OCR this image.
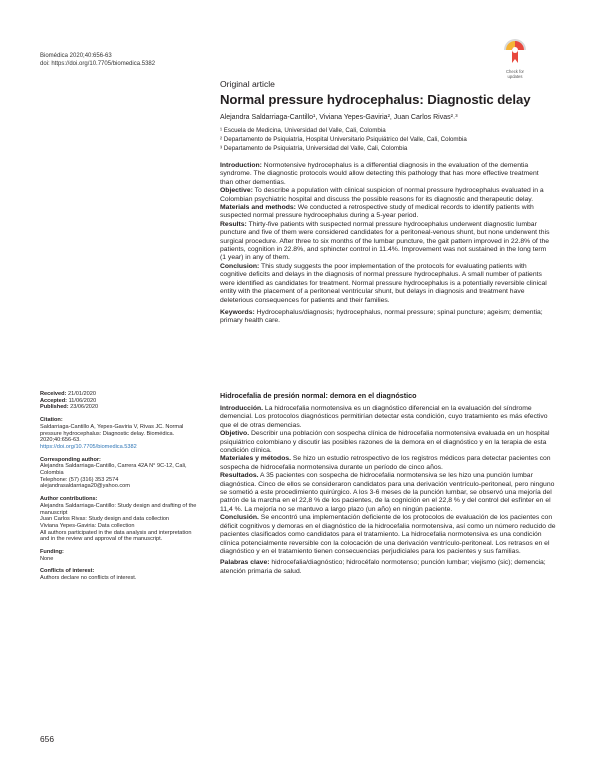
Biomédica 2020;40:656-63
doi: https://doi.org/10.7705/biomedica.5382
Check for
updates
Original article
Normal pressure hydrocephalus: Diagnostic delay
Alejandra Saldarriaga-Cantillo¹, Viviana Yepes-Gaviria², Juan Carlos Rivas²˒³
¹ Escuela de Medicina, Universidad del Valle, Cali, Colombia
² Departamento de Psiquiatría, Hospital Universitario Psiquiátrico del Valle, Cali, Colombia
³ Departamento de Psiquiatría, Universidad del Valle, Cali, Colombia

Introduction: Normotensive hydrocephalus is a differential diagnosis in the evaluation of the dementia syndrome. The diagnostic protocols would allow detecting this pathology that has more effective treatment than other dementias.

Objective: To describe a population with clinical suspicion of normal pressure hydrocephalus evaluated in a Colombian psychiatric hospital and discuss the possible reasons for its diagnostic and therapeutic delay.

Materials and methods: We conducted a retrospective study of medical records to identify patients with suspected normal pressure hydrocephalus during a 5-year period.

Results: Thirty-five patients with suspected normal pressure hydrocephalus underwent diagnostic lumbar puncture and five of them were considered candidates for a peritoneal-venous shunt, but none underwent this surgical procedure. After three to six months of the lumbar puncture, the gait pattern improved in 22.8% of the patients, cognition in 22.8%, and sphincter control in 11.4%. Improvement was not sustained in the long term (1 year) in any of them.

Conclusion: This study suggests the poor implementation of the protocols for evaluating patients with cognitive deficits and delays in the diagnosis of normal pressure hydrocephalus. A small number of patients were identified as candidates for treatment. Normal pressure hydrocephalus is a potentially reversible clinical entity with the placement of a peritoneal ventricular shunt, but delays in diagnosis and treatment have deleterious consequences for patients and their families.

Keywords: Hydrocephalus/diagnosis; hydrocephalus, normal pressure; spinal puncture; ageism; dementia; primary health care.

Hidrocefalia de presión normal: demora en el diagnóstico

Introducción. La hidrocefalia normotensiva es un diagnóstico diferencial en la evaluación del síndrome demencial. Los protocolos diagnósticos permitirían detectar esta condición, cuyo tratamiento es más efectivo que el de otras demencias.

Objetivo. Describir una población con sospecha clínica de hidrocefalia normotensiva evaluada en un hospital psiquiátrico colombiano y discutir las posibles razones de la demora en el diagnóstico y en la terapia de esta condición clínica.

Materiales y métodos. Se hizo un estudio retrospectivo de los registros médicos para detectar pacientes con sospecha de hidrocefalia normotensiva durante un período de cinco años.

Resultados. A 35 pacientes con sospecha de hidrocefalia normotensiva se les hizo una punción lumbar diagnóstica. Cinco de ellos se consideraron candidatos para una derivación ventrículo-peritoneal, pero ninguno se sometió a este procedimiento quirúrgico. A los 3-6 meses de la punción lumbar, se observó una mejoría del patrón de la marcha en el 22,8 % de los pacientes, de la cognición en el 22,8 % y del control del esfínter en el 11,4 %. La mejoría no se mantuvo a largo plazo (un año) en ningún paciente.

Conclusión. Se encontró una implementación deficiente de los protocolos de evaluación de los pacientes con déficit cognitivos y demoras en el diagnóstico de la hidrocefalia normotensiva, así como un número reducido de pacientes clasificados como candidatos para el tratamiento. La hidrocefalia normotensiva es una condición clínica potencialmente reversible con la colocación de una derivación ventrículo-peritoneal. Los retrasos en el diagnóstico y en el tratamiento tienen consecuencias perjudiciales para los pacientes y sus familias.

Palabras clave: hidrocefalia/diagnóstico; hidrocéfalo normotenso; punción lumbar; viejismo (sic); demencia; atención primaria de salud.

Received: 21/01/2020

Accepted: 11/06/2020

Published: 23/06/2020

Citation:

Saldarriaga-Cantillo A, Yepes-Gaviria V, Rivas JC. Normal pressure hydrocephalus: Diagnostic delay. Biomédica. 2020;40:656-63.

https://doi.org/10.7705/biomedica.5382

Corresponding author:

Alejandra Saldarriaga-Cantillo, Carrera 42A N° 9C-12, Cali, Colombia

Telephone: (57) (316) 353 2574

alejandrasaldarriaga20@yahoo.com

Author contributions:

Alejandra Saldarriaga-Cantillo: Study design and drafting of the manuscript

Juan Carlos Rivas: Study design and data collection

Viviana Yepes-Gaviria: Data collection

All authors participated in the data analysis and interpretation and in the review and approval of the manuscript.

Funding:

None

Conflicts of interest:

Authors declare no conflicts of interest.

656
